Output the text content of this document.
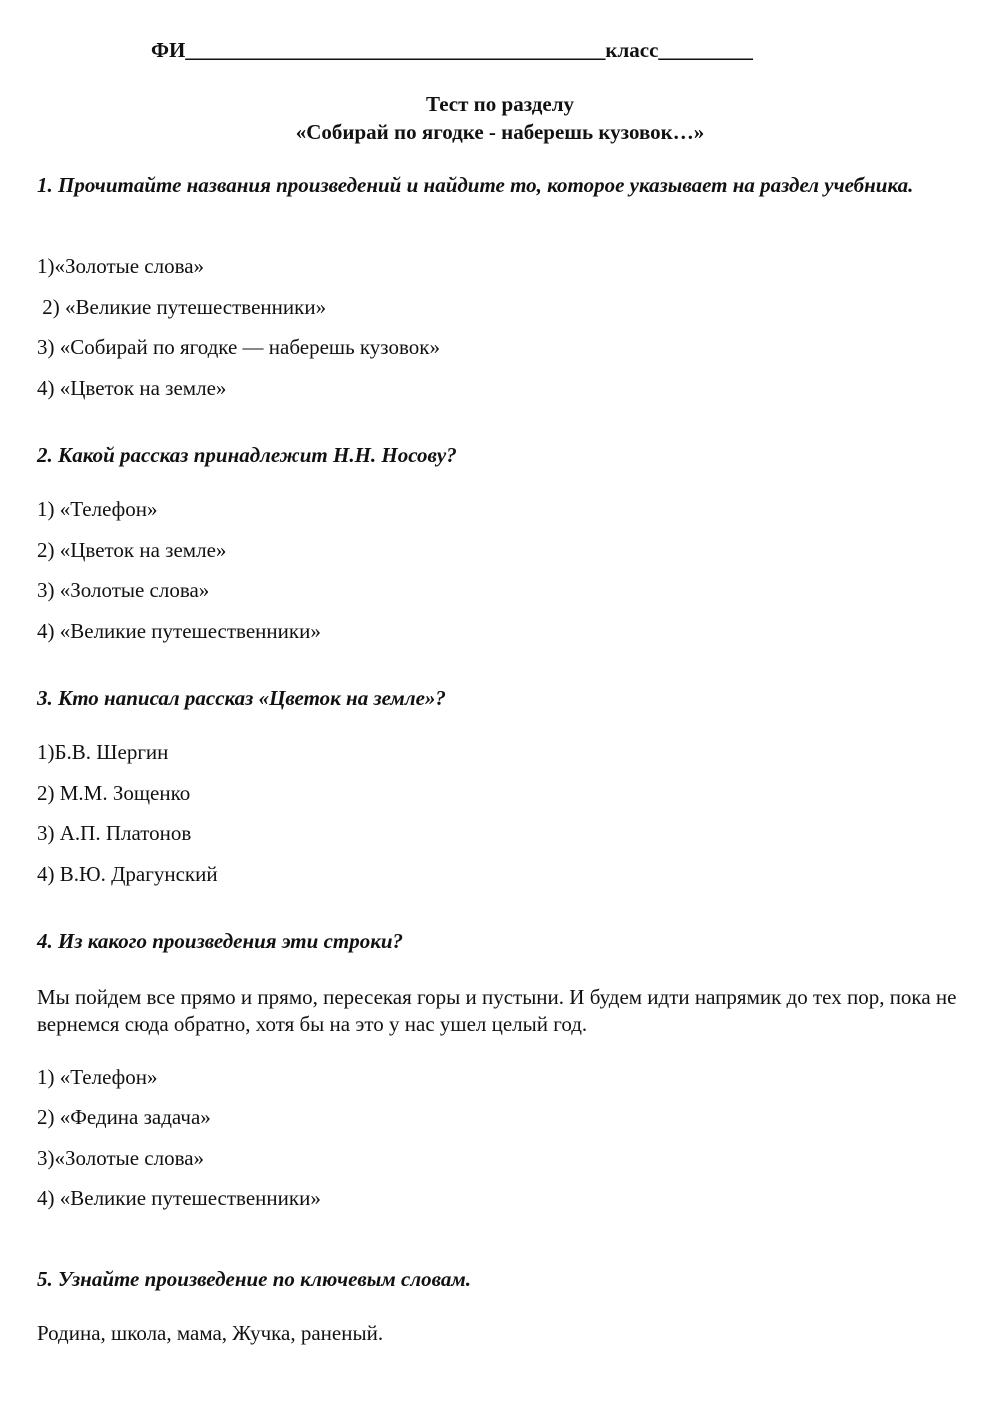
ФИ________________________________________класс_________
Тест по разделу
«Собирай по ягодке - наберешь кузовок…»
1. Прочитайте названия произведений и найдите то, которое указывает на раздел учебника.
1)«Золотые слова»
2) «Великие путешественники»
3) «Собирай по ягодке — наберешь кузовок»
4) «Цветок на земле»
2. Какой рассказ принадлежит Н.Н. Носову?
1) «Телефон»
2) «Цветок на земле»
3) «Золотые слова»
4) «Великие путешественники»
3. Кто написал рассказ «Цветок на земле»?
1)Б.В. Шергин
2) М.М. Зощенко
3) А.П. Платонов
4) В.Ю. Драгунский
4. Из какого произведения эти строки?
Мы пойдем все прямо и прямо, пересекая горы и пустыни. И будем идти напрямик до тех пор, пока не вернемся сюда обратно, хотя бы на это у нас ушел целый год.
1) «Телефон»
2) «Федина задача»
3)«Золотые слова»
4) «Великие путешественники»
5. Узнайте произведение по ключевым словам.
Родина, школа, мама, Жучка, раненый.
